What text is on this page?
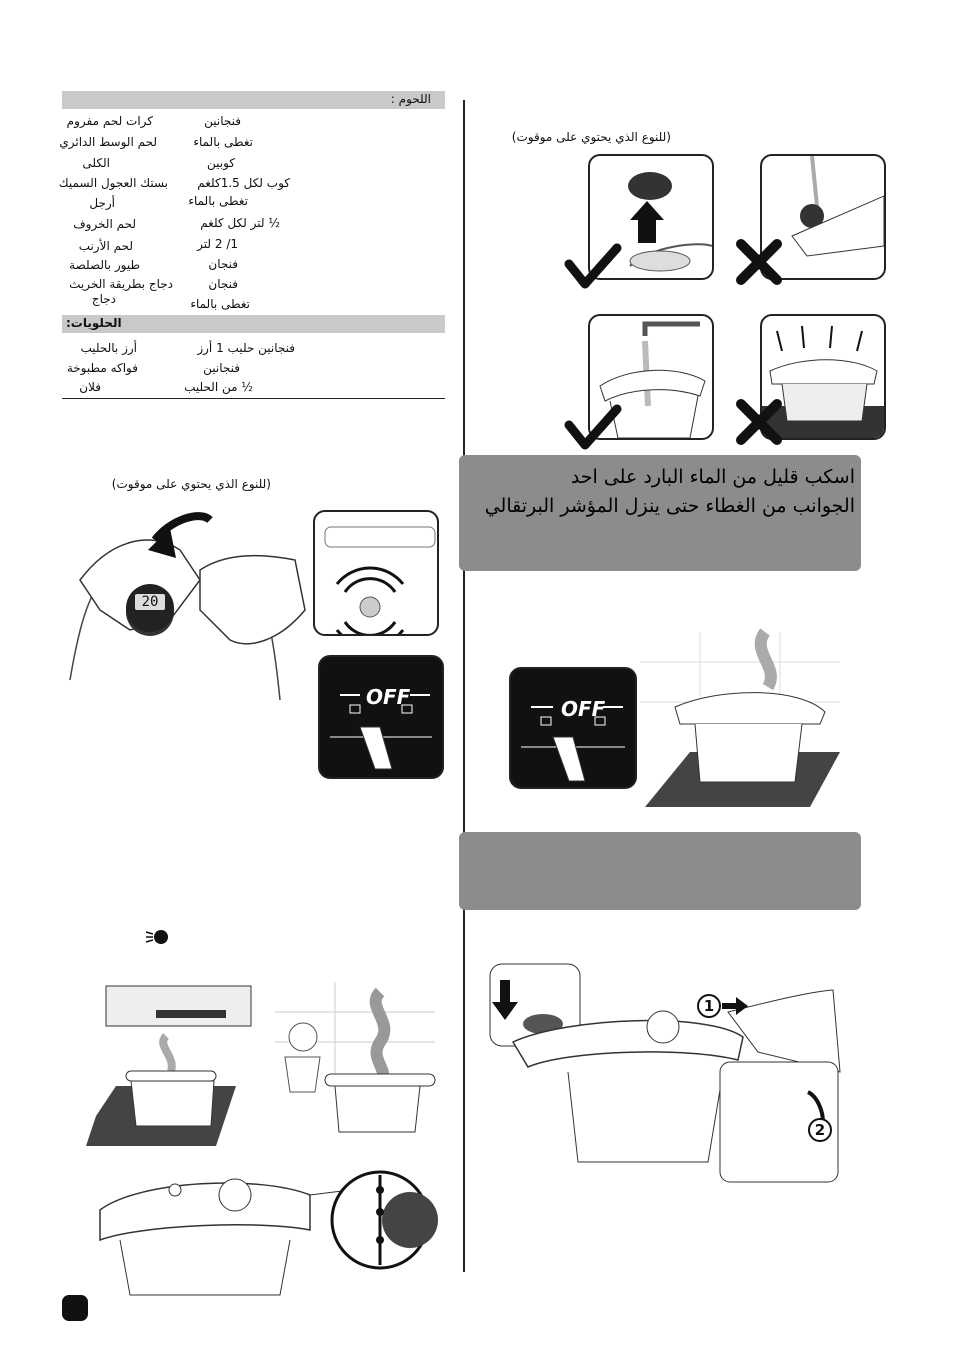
اللحوم :
كرات لحم مفروم	فنجانين
لحم الوسط الدائري	تغطى بالماء
الكلى	كوبين
بستك العجول السميك كوب لكل 1.5كلغم
أرجل	تغطى بالماء
لحم الخروف	½ لتر لكل كلغم
لحم الأرنب	1/ 2 لتر
طيور بالصلصة	فنجان
دجاج بطريقة الخريث	فنجان
دجاج	تغطى بالماء
الحلويات:
أرز بالحليب	فنجانين حليب 1 أرز
فواكه مطبوخة	فنجانين
فلان	½ من الحليب
(للنوع الذي يحتوي على موقوت)
20
OFF
(للنوع الذي يحتوي على موقوت)
اسكب قليل من الماء البارد على احد
الجوانب من الغطاء حتى ينزل المؤشر البرتقالي
OFF
1
2
